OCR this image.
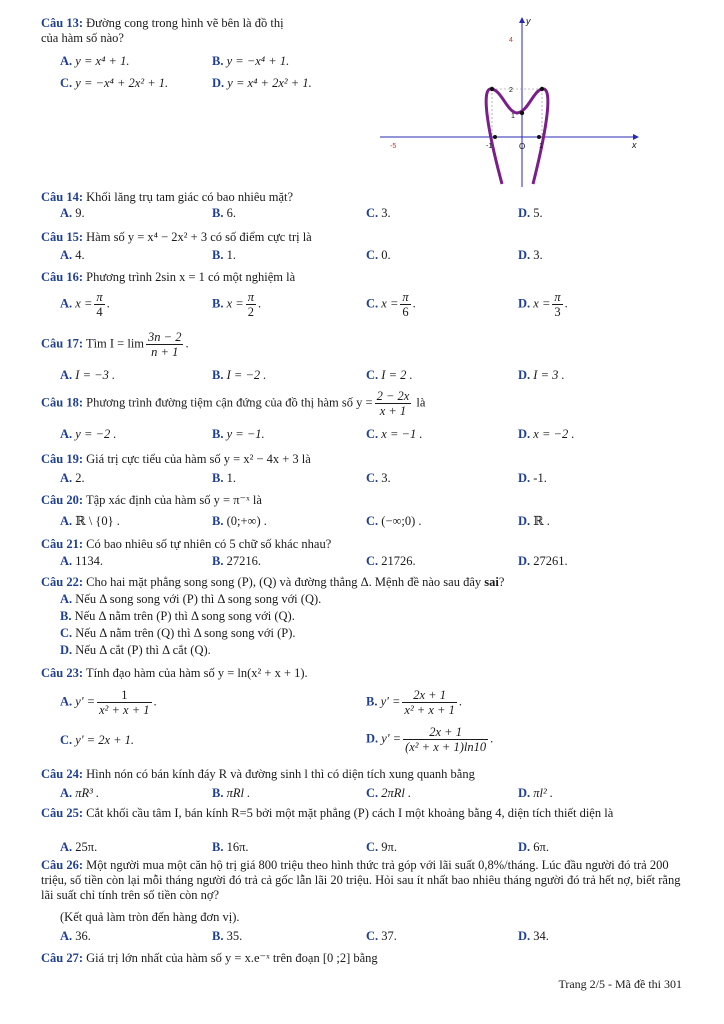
Câu 13: Đường cong trong hình vẽ bên là đồ thị
của hàm số nào?
A. y = x⁴ + 1.	B. y = −x⁴ + 1.
C. y = −x⁴ + 2x² + 1.	D. y = x⁴ + 2x² + 1.
-5	-1	O 1	x
4
2
1
y
Câu 14: Khối lăng trụ tam giác có bao nhiêu mặt?
A. 9.	B. 6.	C. 3.	D. 5.
Câu 15: Hàm số y = x⁴ − 2x² + 3 có số điểm cực trị là
A. 4.	B. 1.	C. 0.	D. 3.
Câu 16: Phương trình 2sin x = 1 có một nghiệm là
A. $x = \frac{\pi}{4}$ .	B. $x = \frac{\pi}{2}$ .	C. $x = \frac{\pi}{6}$ .	D. $x = \frac{\pi}{3}$ .
Câu 17: Tìm $I = \lim \frac{3n - 2}{n + 1}$ .
A. I = −3 .	B. I = −2 .	C. I = 2 .	D. I = 3 .
Câu 18: Phương trình đường tiệm cận đứng của đồ thị hàm số $y = \frac{2 - 2x}{x + 1}$ là
A. y = −2 .	B. y = −1.	C. x = −1 .	D. x = −2 .
Câu 19: Giá trị cực tiểu của hàm số y = x² − 4x + 3 là
A. 2.	B. 1.	C. 3.	D. -1.
Câu 20: Tập xác định của hàm số y = π⁻ˣ là
A. ℝ \ {0} .	B. (0;+∞) .	C. (−∞;0) .	D. ℝ .
Câu 21: Có bao nhiêu số tự nhiên có 5 chữ số khác nhau?
A. 1134.	B. 27216.	C. 21726.	D. 27261.
Câu 22: Cho hai mặt phẳng song song (P), (Q) và đường thẳng Δ. Mệnh đề nào sau đây sai?
A. Nếu Δ song song với (P) thì Δ song song với (Q).
B. Nếu Δ nằm trên (P) thì Δ song song với (Q).
C. Nếu Δ nằm trên (Q) thì Δ song song với (P).
D. Nếu Δ cắt (P) thì Δ cắt (Q).
Câu 23: Tính đạo hàm của hàm số y = ln(x² + x + 1).
A. $y' = \frac{1}{\text{x² + x + 1}}$ .	B. $y' = \frac{2x + 1}{\text{x² + x + 1}}$ .
C. y' = 2x + 1.	D. $y' = \frac{2x + 1}{\text{(x² + x + 1)ln10}}$ .
Câu 24: Hình nón có bán kính đáy R và đường sinh l thì có diện tích xung quanh bằng
A. πR³ .	B. πRl .	C. 2πRl .	D. πl² .
Câu 25: Cắt khối cầu tâm I, bán kính R=5 bởi một mặt phẳng (P) cách I một khoảng bằng 4, diện tích thiết diện là
A. 25π.	B. 16π.	C. 9π.	D. 6π.
Câu 26: Một người mua một căn hộ trị giá 800 triệu theo hình thức trả góp với lãi suất 0,8%/tháng. Lúc đầu người đó trả 200 triệu, số tiền còn lại mỗi tháng người đó trả cả gốc lẫn lãi 20 triệu. Hỏi sau ít nhất bao nhiêu tháng người đó trả hết nợ, biết rằng lãi suất chỉ tính trên số tiền còn nợ?
(Kết quả làm tròn đến hàng đơn vị).
A. 36.	B. 35.	C. 37.	D. 34.
Câu 27: Giá trị lớn nhất của hàm số y = x.e⁻ˣ trên đoạn [0 ;2] bằng
Trang 2/5 - Mã đề thi 301
